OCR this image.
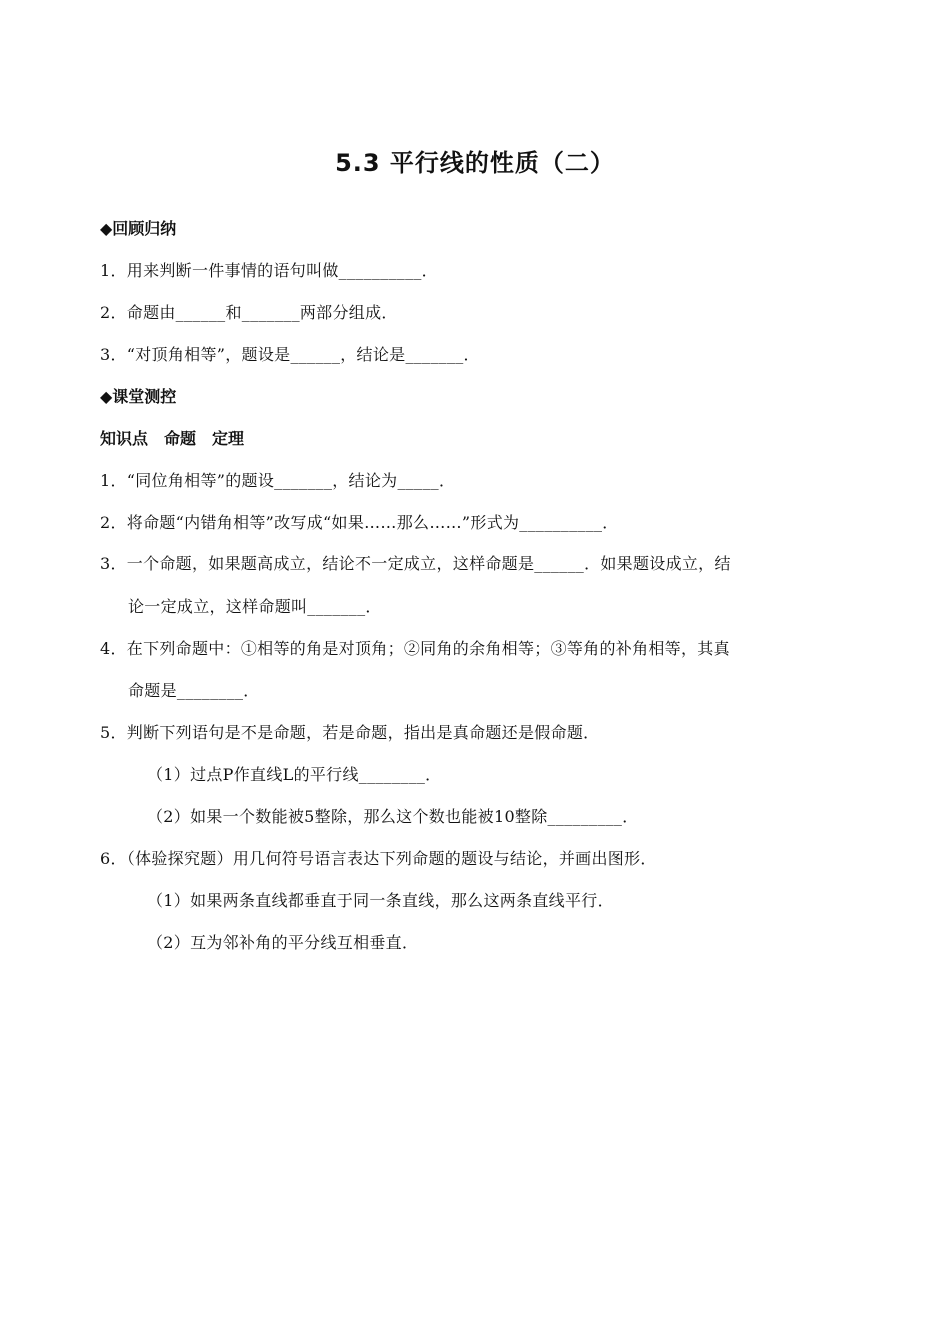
5.3 平行线的性质（二）
◆回顾归纳
1．用来判断一件事情的语句叫做__________．
2．命题由______和_______两部分组成．
3．“对顶角相等”，题设是______，结论是_______．
◆课堂测控
知识点　命题　定理
1．“同位角相等”的题设_______，结论为_____．
2．将命题“内错角相等”改写成“如果……那么……”形式为__________．
3．一个命题，如果题高成立，结论不一定成立，这样命题是______．如果题设成立，结
论一定成立，这样命题叫_______．
4．在下列命题中：①相等的角是对顶角；②同角的余角相等；③等角的补角相等，其真
命题是________．
5．判断下列语句是不是命题，若是命题，指出是真命题还是假命题．
（1）过点P作直线L的平行线________．
（2）如果一个数能被5整除，那么这个数也能被10整除_________．
6．（体验探究题）用几何符号语言表达下列命题的题设与结论，并画出图形．
（1）如果两条直线都垂直于同一条直线，那么这两条直线平行．
（2）互为邻补角的平分线互相垂直．
